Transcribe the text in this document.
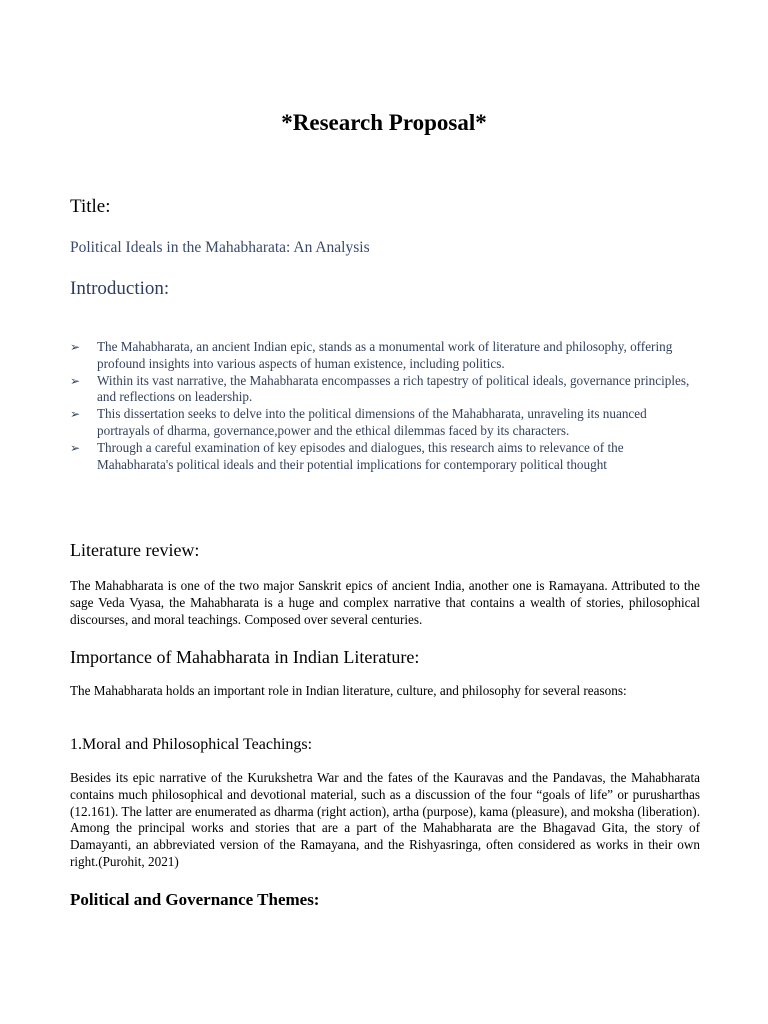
*Research Proposal*
Title:

Political Ideals in the Mahabharata: An Analysis

Introduction:
➢ The Mahabharata, an ancient Indian epic, stands as a monumental work of literature and philosophy, offering profound insights into various aspects of human existence, including politics.
➢ Within its vast narrative, the Mahabharata encompasses a rich tapestry of political ideals, governance principles, and reflections on leadership.
➢ This dissertation seeks to delve into the political dimensions of the Mahabharata, unraveling its nuanced portrayals of dharma, governance,power and the ethical dilemmas faced by its characters.
➢ Through a careful examination of key episodes and dialogues, this research aims to relevance of the Mahabharata's political ideals and their potential implications for contemporary political thought
Literature review:

The Mahabharata is one of the two major Sanskrit epics of ancient India, another one is Ramayana. Attributed to the sage Veda Vyasa, the Mahabharata is a huge and complex narrative that contains a wealth of stories, philosophical discourses, and moral teachings. Composed over several centuries.

Importance of Mahabharata in Indian Literature:

The Mahabharata holds an important role in Indian literature, culture, and philosophy for several reasons:

1.Moral and Philosophical Teachings:

Besides its epic narrative of the Kurukshetra War and the fates of the Kauravas and the Pandavas, the Mahabharata contains much philosophical and devotional material, such as a discussion of the four “goals of life” or purusharthas (12.161). The latter are enumerated as dharma (right action), artha (purpose), kama (pleasure), and moksha (liberation). Among the principal works and stories that are a part of the Mahabharata are the Bhagavad Gita, the story of Damayanti, an abbreviated version of the Ramayana, and the Rishyasringa, often considered as works in their own right.(Purohit, 2021)

Political and Governance Themes:
